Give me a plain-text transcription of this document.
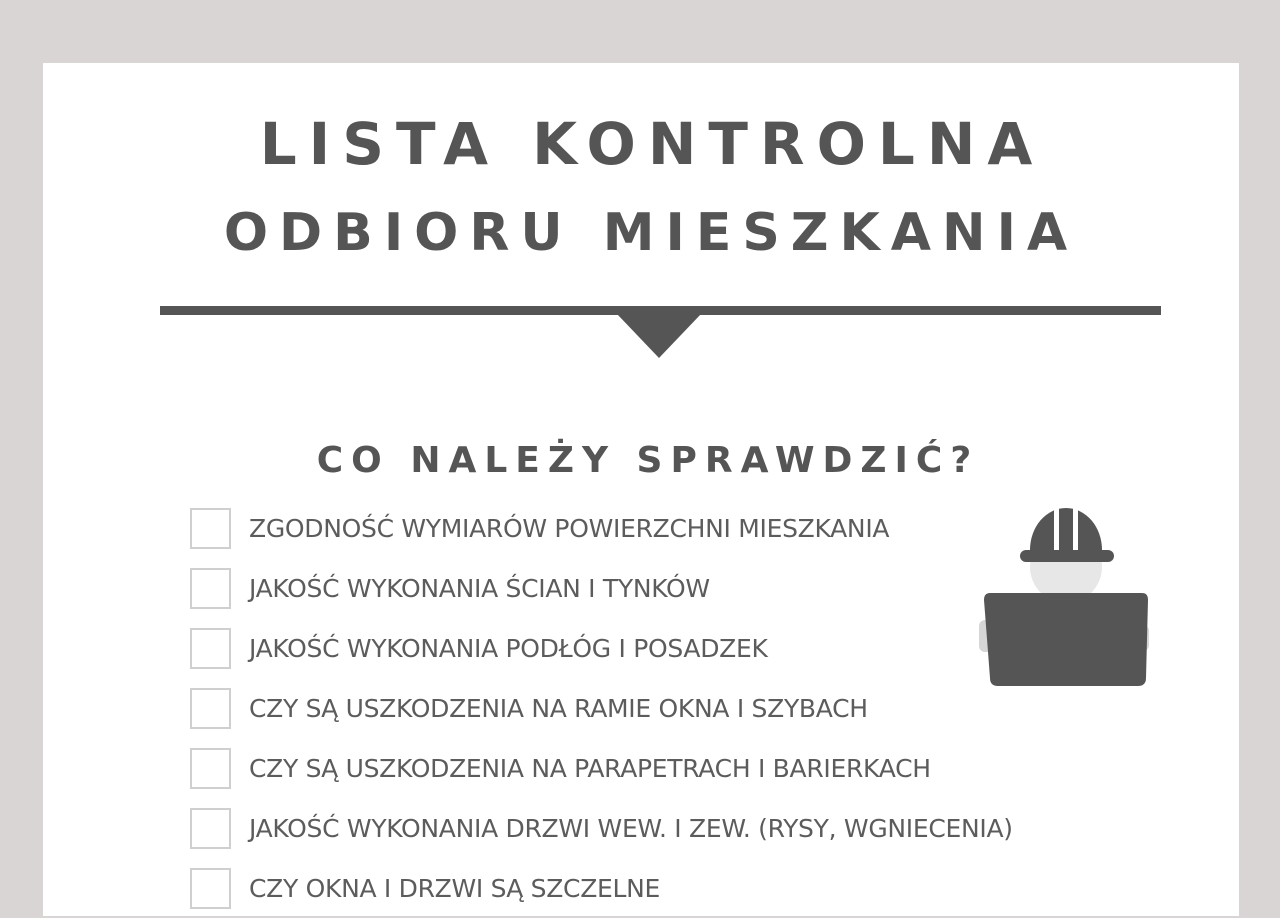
LISTA KONTROLNA
ODBIORU MIESZKANIA
CO NALEŻY SPRAWDZIĆ?
ZGODNOŚĆ WYMIARÓW POWIERZCHNI MIESZKANIA
JAKOŚĆ WYKONANIA ŚCIAN I TYNKÓW
JAKOŚĆ WYKONANIA PODŁÓG I POSADZEK
CZY SĄ USZKODZENIA NA RAMIE OKNA I SZYBACH
CZY SĄ USZKODZENIA NA PARAPETRACH I BARIERKACH
JAKOŚĆ WYKONANIA DRZWI WEW. I ZEW. (RYSY, WGNIECENIA)
CZY OKNA I DRZWI SĄ SZCZELNE
